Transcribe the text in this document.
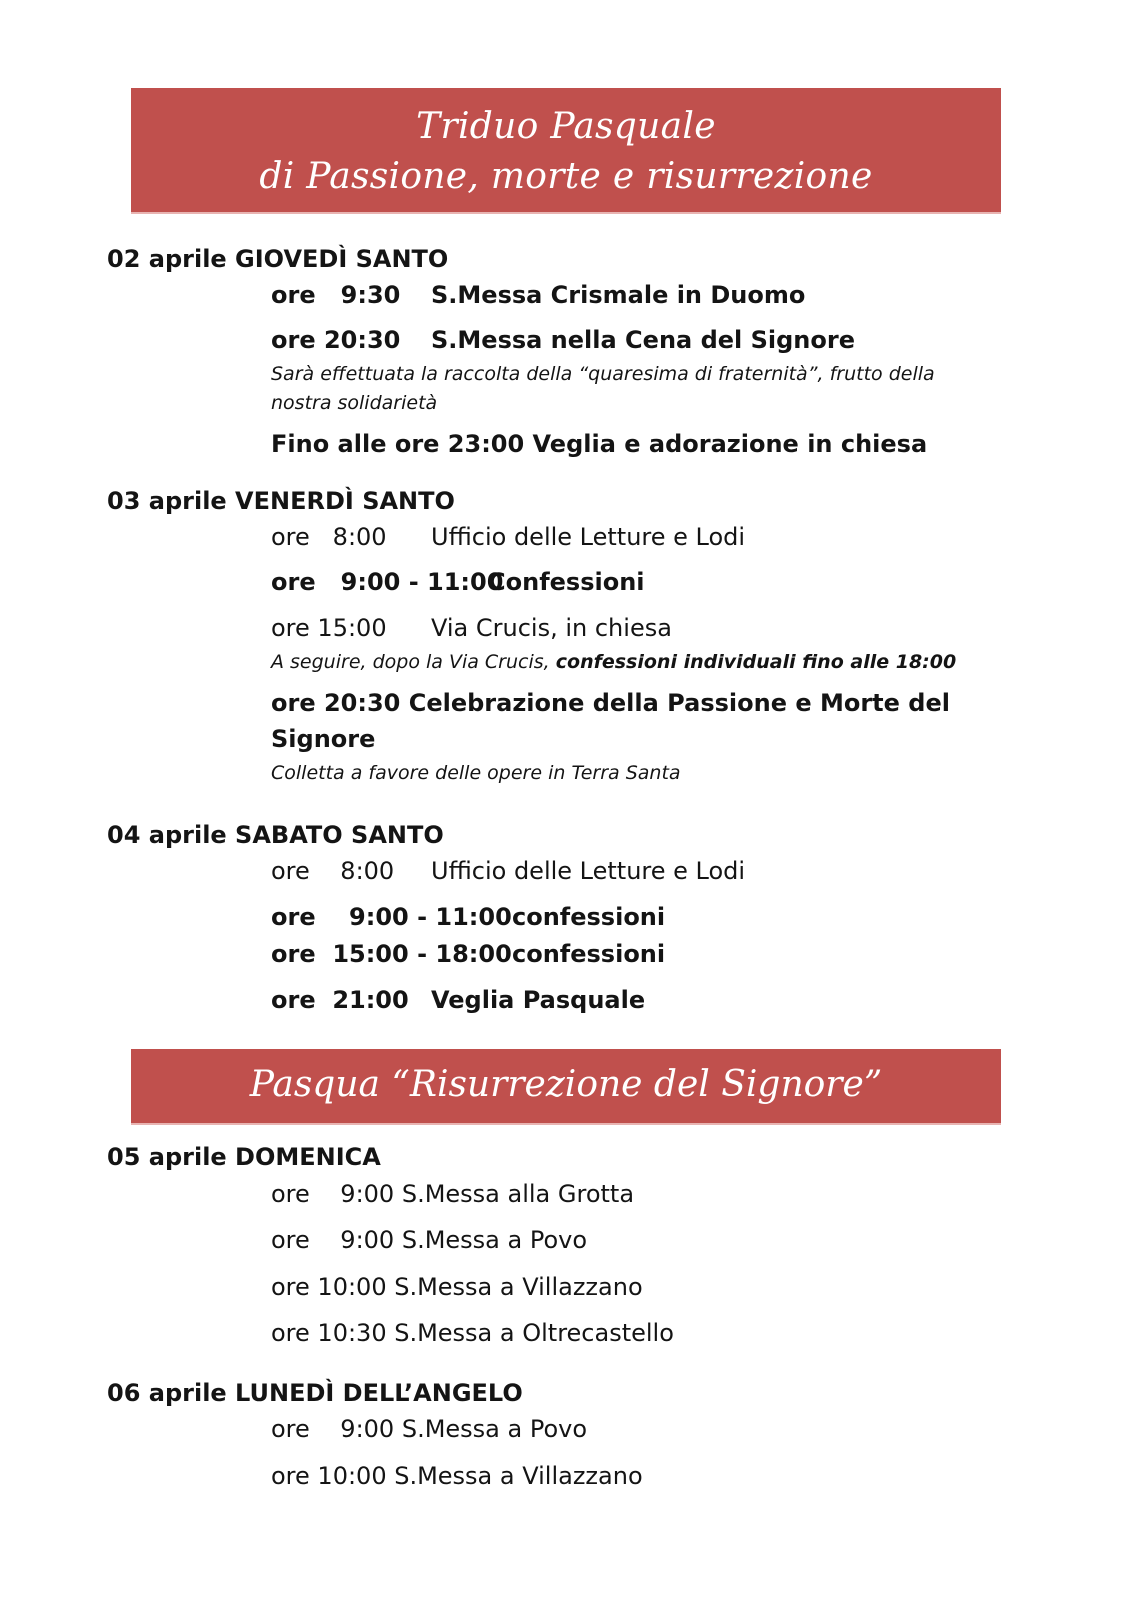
Triduo Pasquale
di Passione, morte e risurrezione
02 aprile GIOVEDÌ SANTO
ore   9:30 S.Messa Crismale in Duomo
ore 20:30 S.Messa nella Cena del Signore
Sarà effettuata la raccolta della “quaresima di fraternità”, frutto della
nostra solidarietà
Fino alle ore 23:00 Veglia e adorazione in chiesa
03 aprile VENERDÌ SANTO
ore   8:00 Ufficio delle Letture e Lodi
ore   9:00 - 11:00
Confessioni
ore 15:00 Via Crucis, in chiesa
A seguire, dopo la Via Crucis, confessioni individuali fino alle 18:00
ore 20:30 Celebrazione della Passione e Morte del
Signore
Colletta a favore delle opere in Terra Santa
04 aprile SABATO SANTO
ore    8:00 Ufficio delle Letture e Lodi
ore    9:00 - 11:00 confessioni
ore  15:00 - 18:00 confessioni
ore  21:00 Veglia Pasquale
Pasqua “Risurrezione del Signore”
05 aprile DOMENICA
ore    9:00 S.Messa alla Grotta
ore    9:00 S.Messa a Povo
ore 10:00 S.Messa a Villazzano
ore 10:30 S.Messa a Oltrecastello
06 aprile LUNEDÌ DELL’ANGELO
ore    9:00 S.Messa a Povo
ore 10:00 S.Messa a Villazzano
